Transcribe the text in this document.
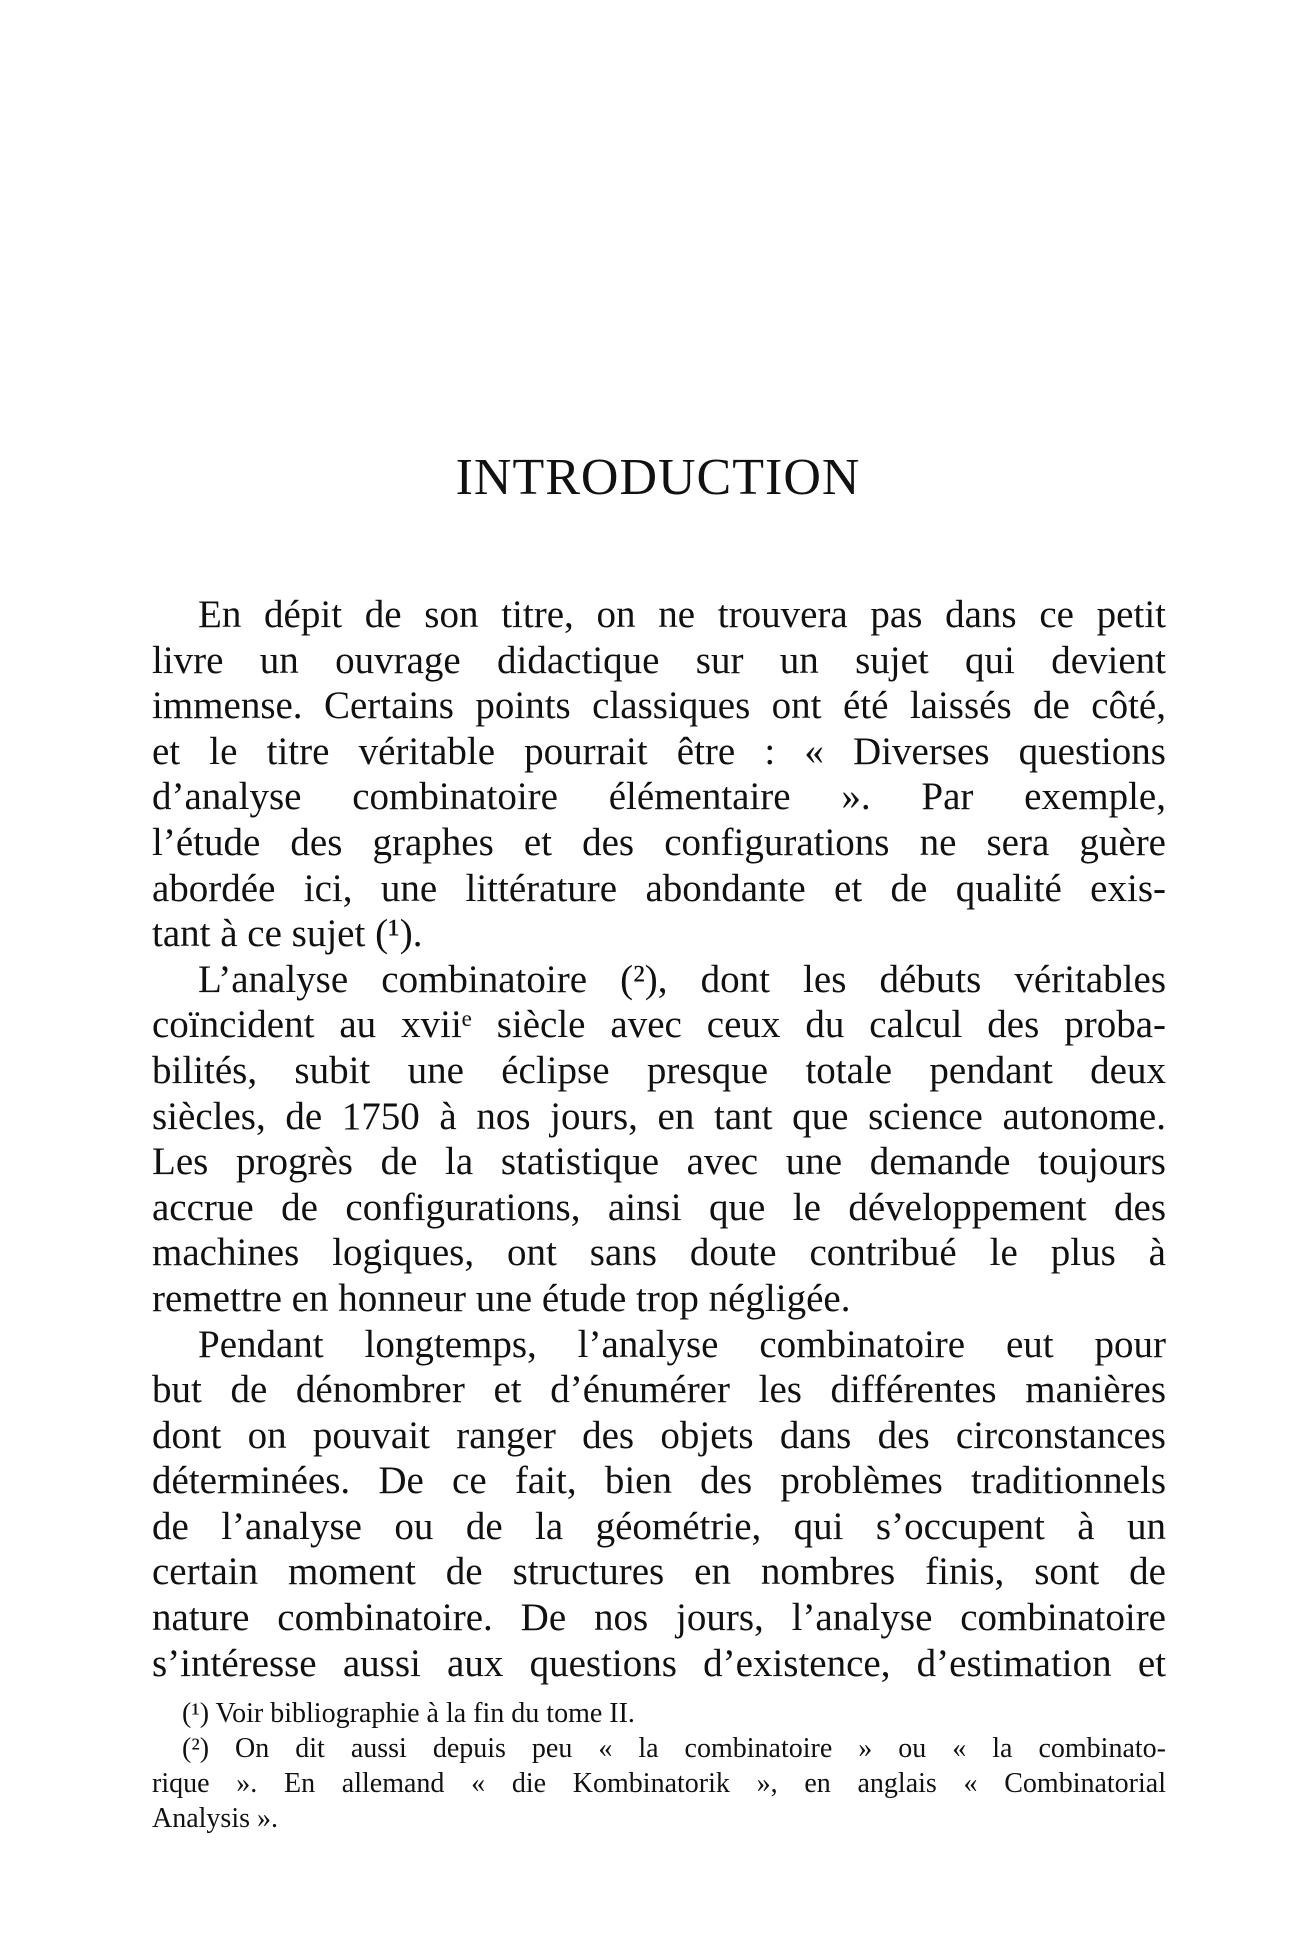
INTRODUCTION
En dépit de son titre, on ne trouvera pas dans ce petit
livre un ouvrage didactique sur un sujet qui devient
immense. Certains points classiques ont été laissés de côté,
et le titre véritable pourrait être : « Diverses questions
d’analyse combinatoire élémentaire ». Par exemple,
l’étude des graphes et des configurations ne sera guère
abordée ici, une littérature abondante et de qualité exis-
tant à ce sujet (¹).
L’analyse combinatoire (²), dont les débuts véritables
coïncident au xviiᵉ siècle avec ceux du calcul des proba-
bilités, subit une éclipse presque totale pendant deux
siècles, de 1750 à nos jours, en tant que science autonome.
Les progrès de la statistique avec une demande toujours
accrue de configurations, ainsi que le développement des
machines logiques, ont sans doute contribué le plus à
remettre en honneur une étude trop négligée.
Pendant longtemps, l’analyse combinatoire eut pour
but de dénombrer et d’énumérer les différentes manières
dont on pouvait ranger des objets dans des circonstances
déterminées. De ce fait, bien des problèmes traditionnels
de l’analyse ou de la géométrie, qui s’occupent à un
certain moment de structures en nombres finis, sont de
nature combinatoire. De nos jours, l’analyse combinatoire
s’intéresse aussi aux questions d’existence, d’estimation et
(¹) Voir bibliographie à la fin du tome II.
(²) On dit aussi depuis peu « la combinatoire » ou « la combinato-
rique ». En allemand « die Kombinatorik », en anglais « Combinatorial
Analysis ».
